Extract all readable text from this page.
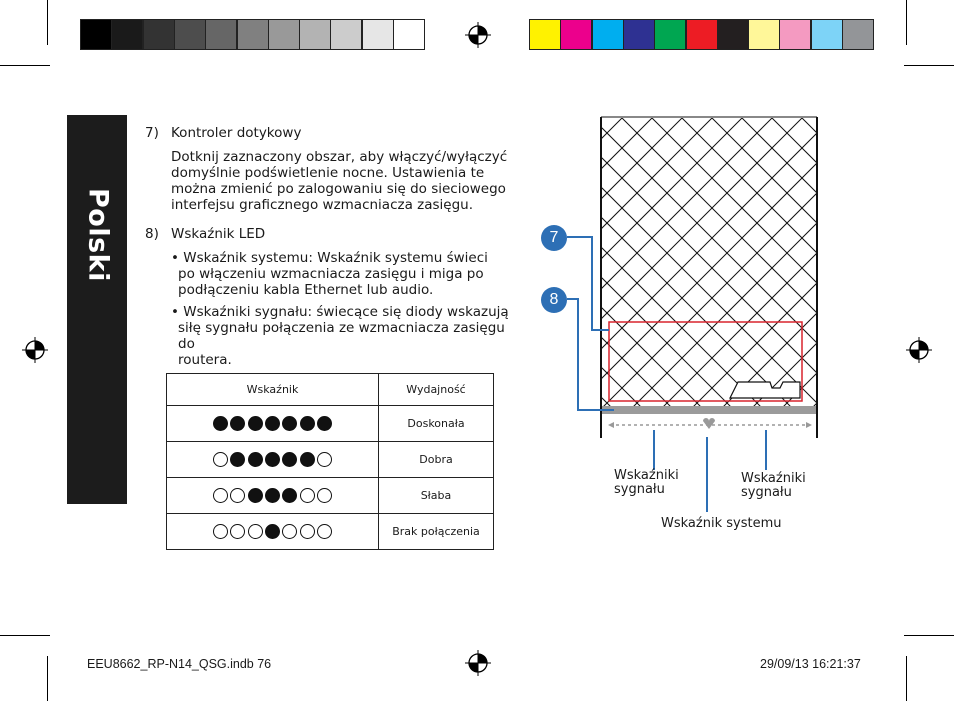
Polski
7) Kontroler dotykowy
Dotknij zaznaczony obszar, aby włączyć/wyłączyć
domyślnie podświetlenie nocne. Ustawienia te
można zmienić po zalogowaniu się do sieciowego
interfejsu graficznego wzmacniacza zasięgu.
8) Wskaźnik LED
• Wskaźnik systemu: Wskaźnik systemu świeci
po włączeniu wzmacniacza zasięgu i miga po
podłączeniu kabla Ethernet lub audio.
• Wskaźniki sygnału: świecące się diody wskazują
siłę sygnału połączenia ze wzmacniacza zasięgu do
routera.
Wskaźnik	Wydajność
	Doskonała
	Dobra
	Słaba
	Brak połączenia
7
8
Wskaźniki
sygnału
Wskaźniki
sygnału
Wskaźnik systemu
EEU8662_RP-N14_QSG.indb 76	29/09/13 16:21:37
